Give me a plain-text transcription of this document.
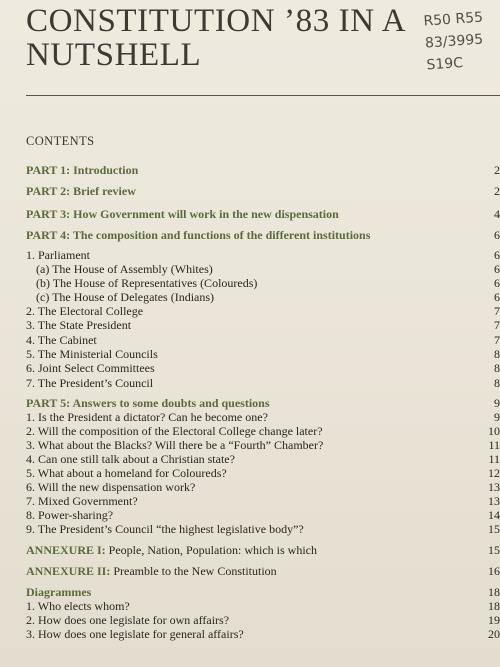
CONSTITUTION ’83 IN A
NUTSHELL
R50 R55
83/3995
S19C
CONTENTS
PART 1: Introduction	2
PART 2: Brief review	2
PART 3: How Government will work in the new dispensation	4
PART 4: The composition and functions of the different institutions	6
1. Parliament	6
(a) The House of Assembly (Whites)	6
(b) The House of Representatives (Coloureds)	6
(c) The House of Delegates (Indians)	6
2. The Electoral College	7
3. The State President	7
4. The Cabinet	7
5. The Ministerial Councils	8
6. Joint Select Committees	8
7. The President’s Council	8
PART 5: Answers to some doubts and questions	9
1. Is the President a dictator? Can he become one?	9
2. Will the composition of the Electoral College change later?	10
3. What about the Blacks? Will there be a “Fourth” Chamber?	11
4. Can one still talk about a Christian state?	11
5. What about a homeland for Coloureds?	12
6. Will the new dispensation work?	13
7. Mixed Government?	13
8. Power-sharing?	14
9. The President’s Council “the highest legislative body”?	15
ANNEXURE I: People, Nation, Population: which is which	15
ANNEXURE II: Preamble to the New Constitution	16
Diagrammes	18
1. Who elects whom?	18
2. How does one legislate for own affairs?	19
3. How does one legislate for general affairs?	20
